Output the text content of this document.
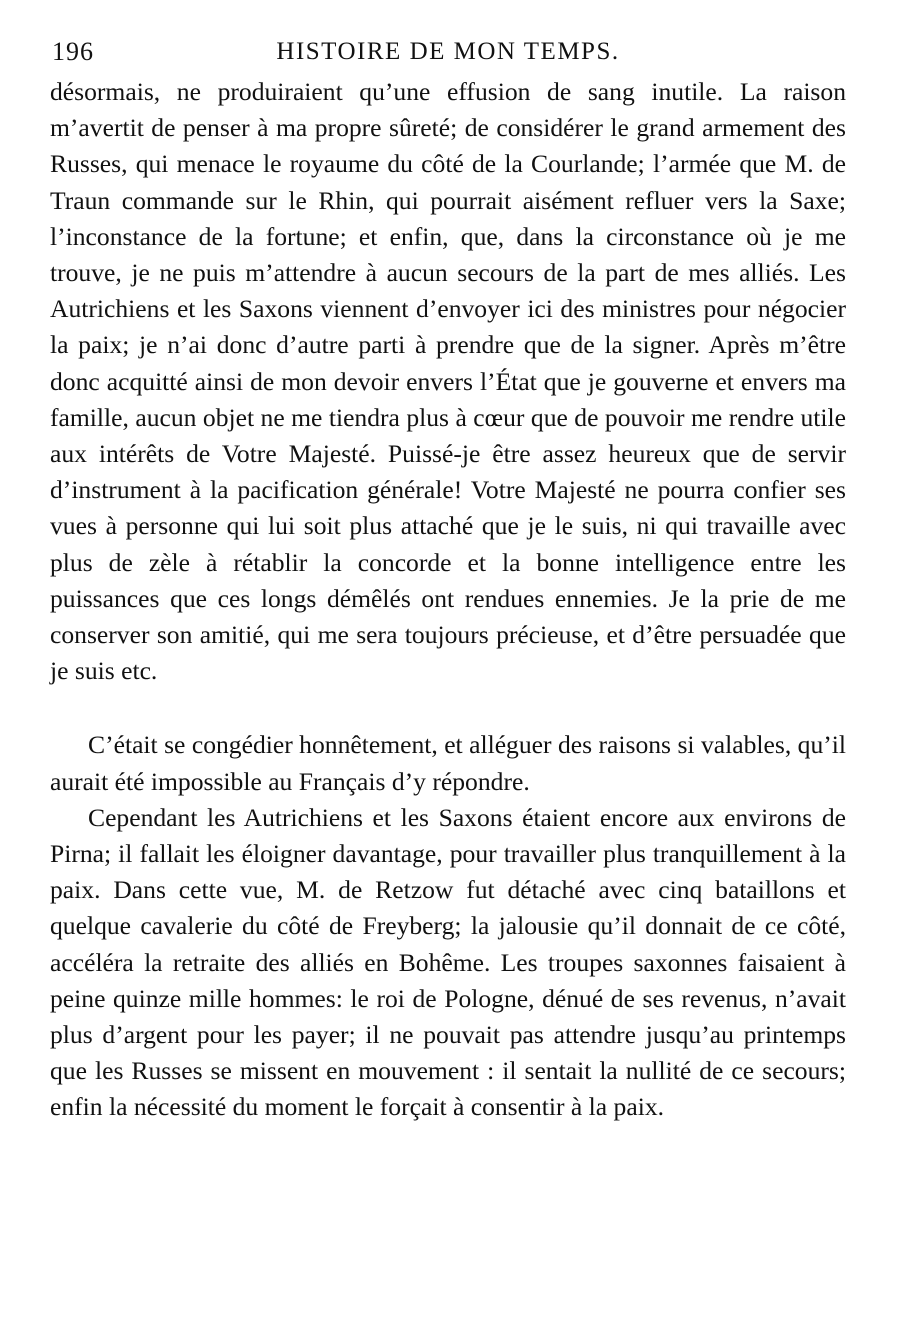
196	HISTOIRE DE MON TEMPS.

désormais, ne produiraient qu’une effusion de sang inutile. La raison m’avertit de penser à ma propre sûreté; de considérer le grand armement des Russes, qui menace le royaume du côté de la Courlande; l’armée que M. de Traun commande sur le Rhin, qui pourrait aisément refluer vers la Saxe; l’inconstance de la fortune; et enfin, que, dans la circonstance où je me trouve, je ne puis m’attendre à aucun secours de la part de mes alliés. Les Autrichiens et les Saxons viennent d’envoyer ici des ministres pour négocier la paix; je n’ai donc d’autre parti à prendre que de la signer. Après m’être donc acquitté ainsi de mon devoir envers l’État que je gouverne et envers ma famille, aucun objet ne me tiendra plus à cœur que de pouvoir me rendre utile aux intérêts de Votre Majesté. Puissé-je être assez heureux que de servir d’instrument à la pacification générale! Votre Majesté ne pourra confier ses vues à personne qui lui soit plus attaché que je le suis, ni qui travaille avec plus de zèle à rétablir la concorde et la bonne intelligence entre les puissances que ces longs démêlés ont rendues ennemies. Je la prie de me conserver son amitié, qui me sera toujours précieuse, et d’être persuadée que je suis etc.

C’était se congédier honnêtement, et alléguer des raisons si valables, qu’il aurait été impossible au Français d’y répondre.

Cependant les Autrichiens et les Saxons étaient encore aux environs de Pirna; il fallait les éloigner davantage, pour travailler plus tranquillement à la paix. Dans cette vue, M. de Retzow fut détaché avec cinq bataillons et quelque cavalerie du côté de Freyberg; la jalousie qu’il donnait de ce côté, accéléra la retraite des alliés en Bohême. Les troupes saxonnes faisaient à peine quinze mille hommes: le roi de Pologne, dénué de ses revenus, n’avait plus d’argent pour les payer; il ne pouvait pas attendre jusqu’au printemps que les Russes se missent en mouvement : il sentait la nullité de ce secours; enfin la nécessité du moment le forçait à consentir à la paix.
